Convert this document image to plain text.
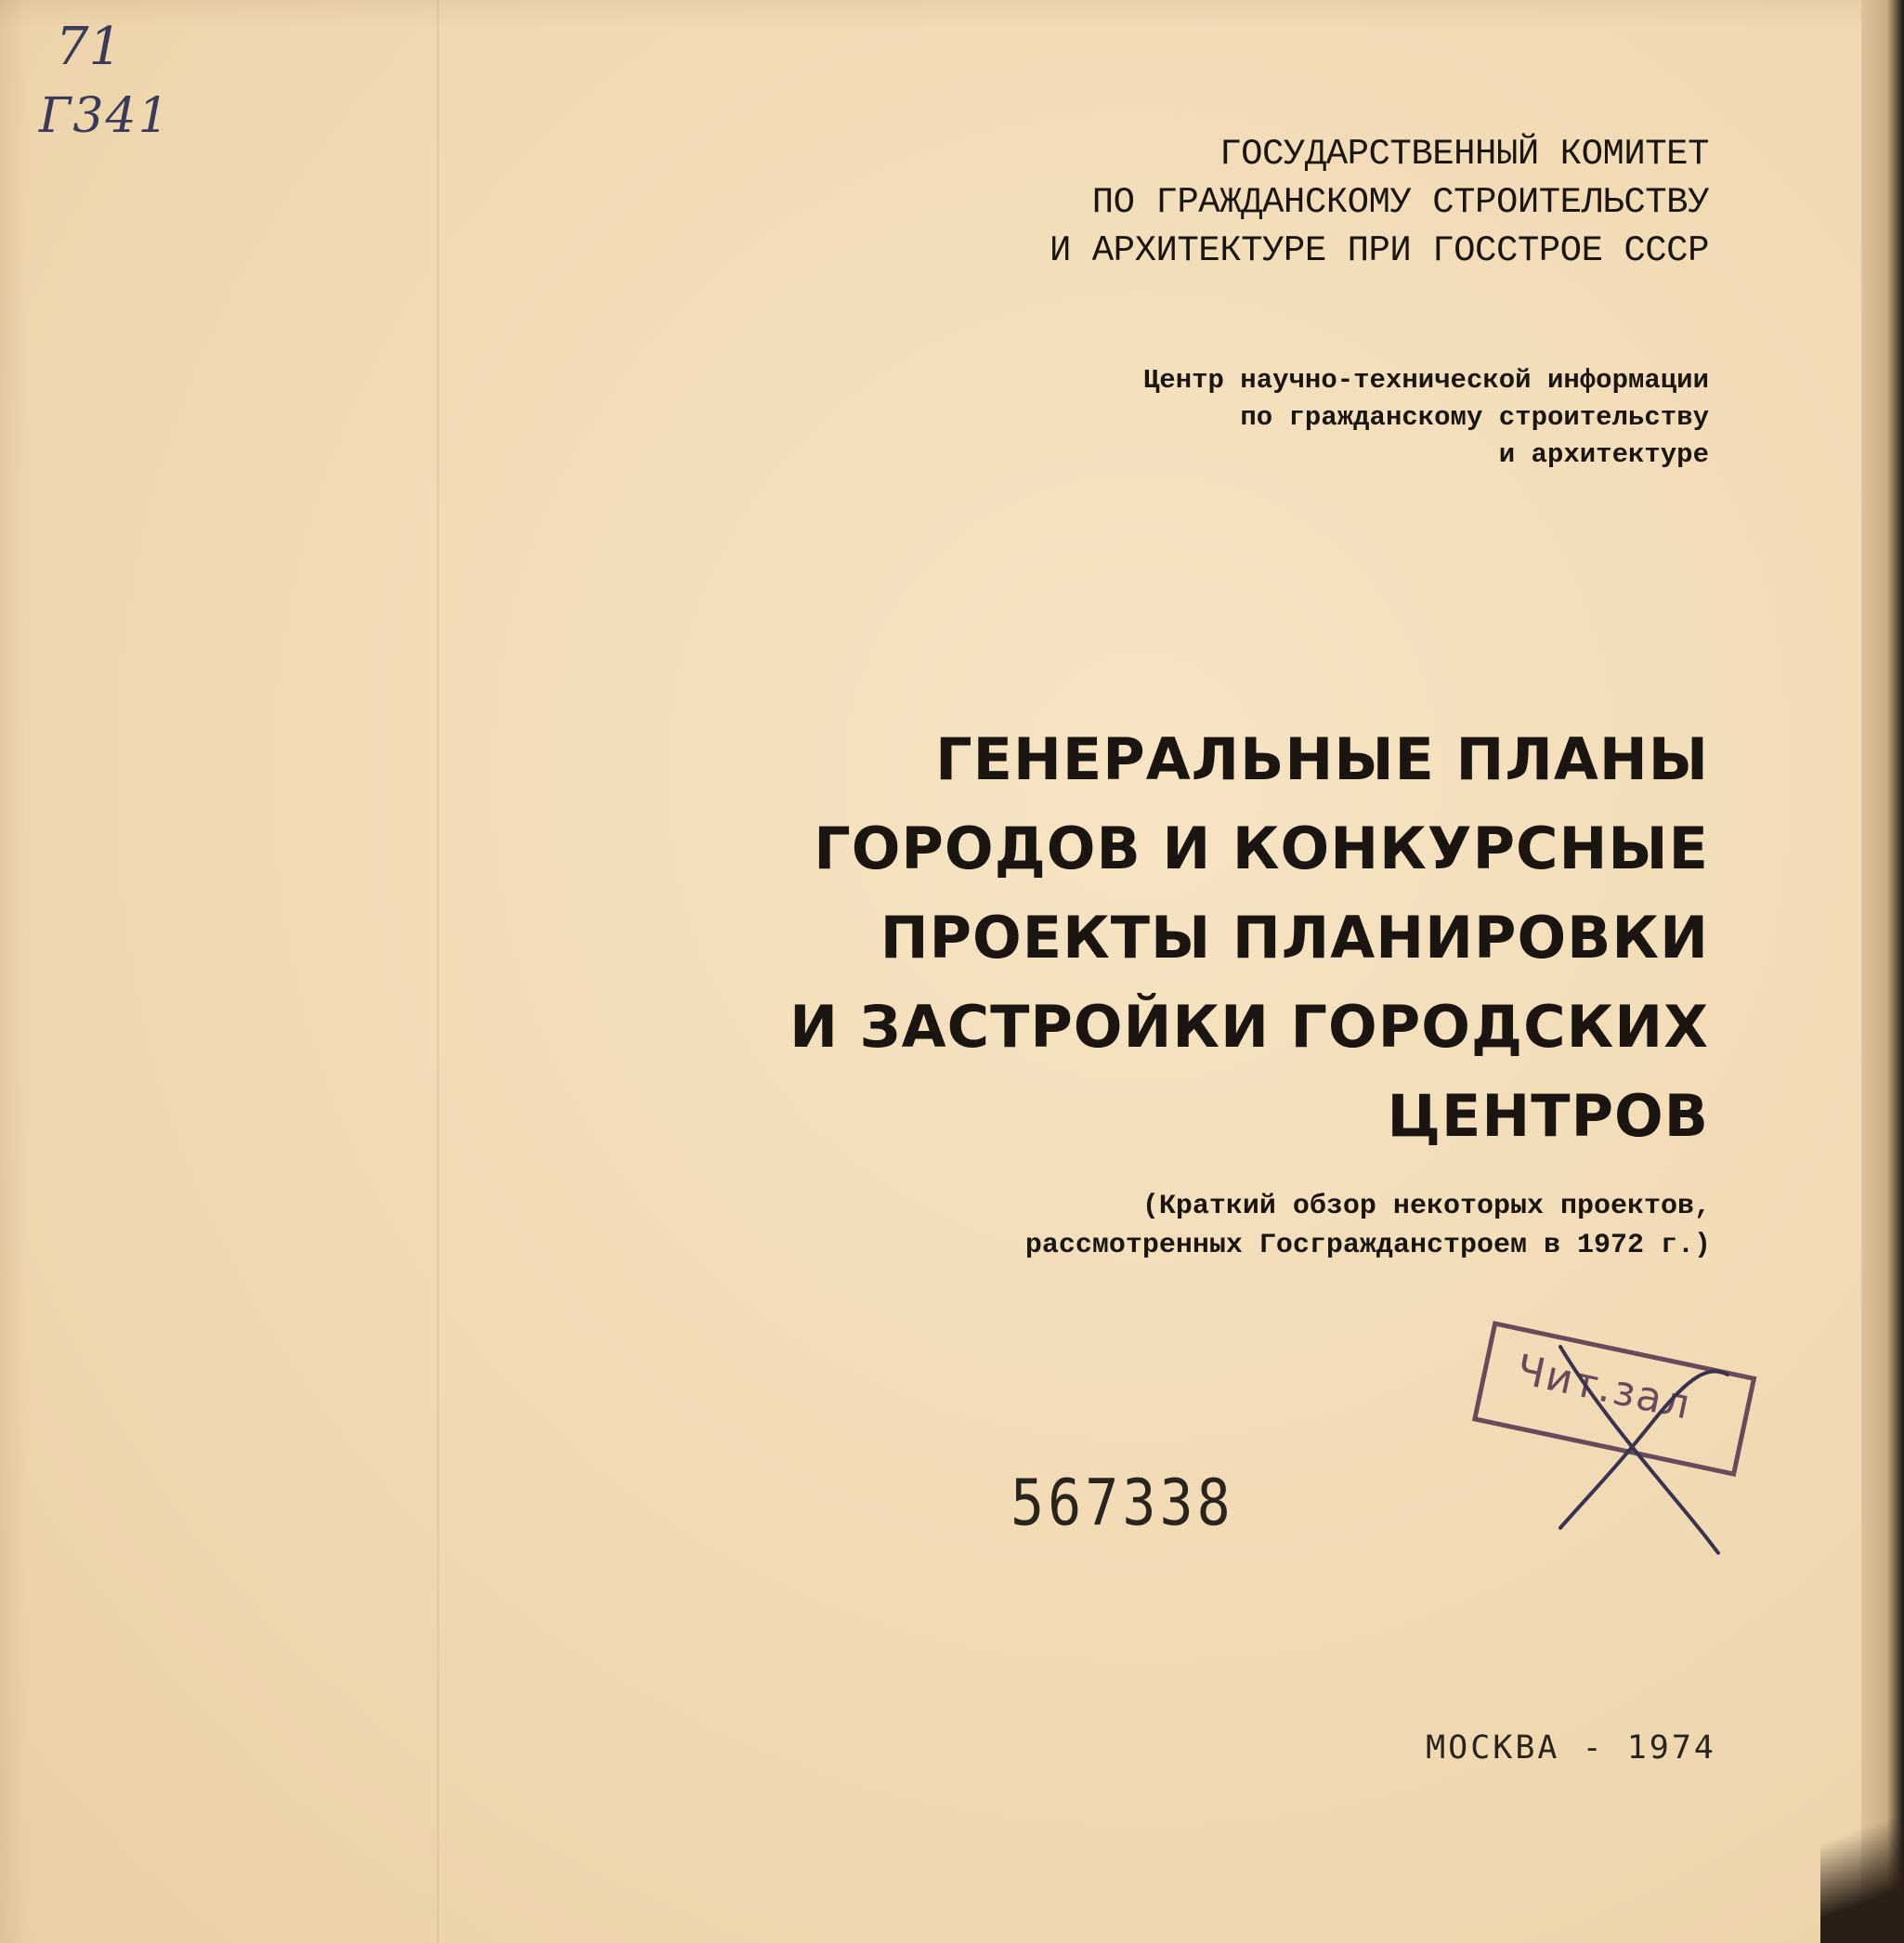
71
Г341
ГОСУДАРСТВЕННЫЙ КОМИТЕТ
ПО ГРАЖДАНСКОМУ СТРОИТЕЛЬСТВУ
И АРХИТЕКТУРЕ ПРИ ГОССТРОЕ СССР
Центр научно-технической информации
по гражданскому строительству
и архитектуре
ГЕНЕРАЛЬНЫЕ ПЛАНЫ
ГОРОДОВ И КОНКУРСНЫЕ
ПРОЕКТЫ ПЛАНИРОВКИ
И ЗАСТРОЙКИ ГОРОДСКИХ
ЦЕНТРОВ
(Краткий обзор некоторых проектов,
рассмотренных Госгражданстроем в 1972 г.)
Чит.зал
567338
МОСКВА - 1974
